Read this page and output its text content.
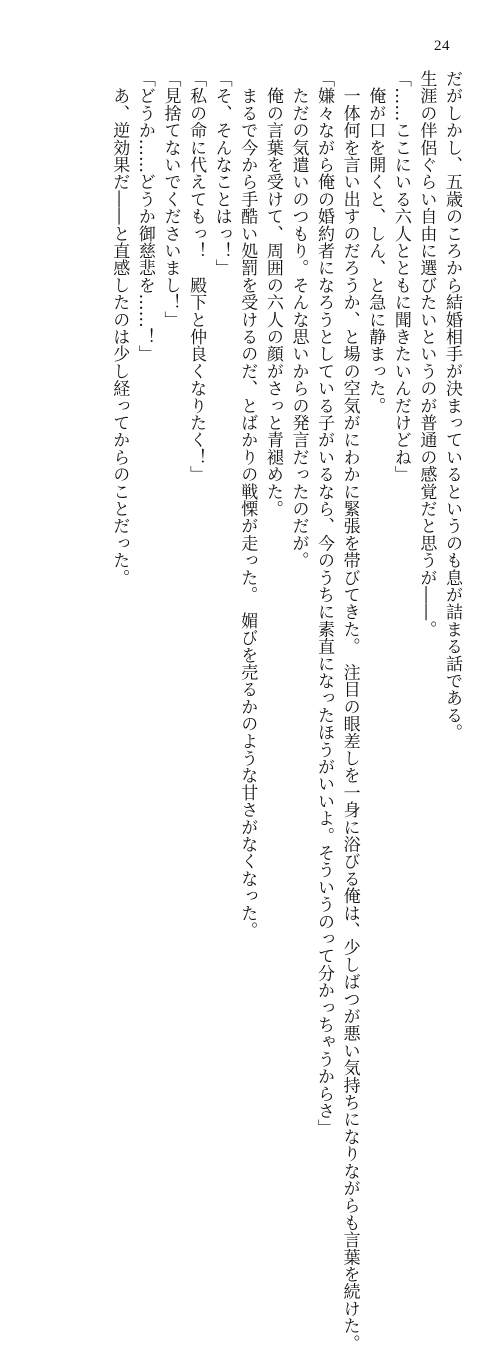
24
だがしかし、五歳のころから結婚相手が決まっているというのも息が詰まる話である。
生涯の伴侶ぐらい自由に選びたいというのが普通の感覚だと思うが――。
「……ここにいる六人とともに聞きたいんだけどね」
　俺が口を開くと、しん、と急に静まった。
　一体何を言い出すのだろうか、と場の空気がにわかに緊張を帯びてきた。　注目の眼差しを一身に浴びる俺は、少しばつが悪い気持ちになりながらも言葉を続けた。
「嫌々ながら俺の婚約者になろうとしている子がいるなら、今のうちに素直になったほうがいいよ。そういうのって分かっちゃうからさ」
　ただの気遣いのつもり。そんな思いからの発言だったのだが。
　俺の言葉を受けて、周囲の六人の顔がさっと青褪めた。
　まるで今から手酷い処罰を受けるのだ、とばかりの戦慄が走った。　媚びを売るかのような甘さがなくなった。
「そ、そんなことはっ！」
「私の命に代えてもっ！　殿下と仲良くなりたく！」
「見捨てないでくださいまし！」
「どうか……どうか御慈悲を……！」
　あ、逆効果だ――と直感したのは少し経ってからのことだった。
